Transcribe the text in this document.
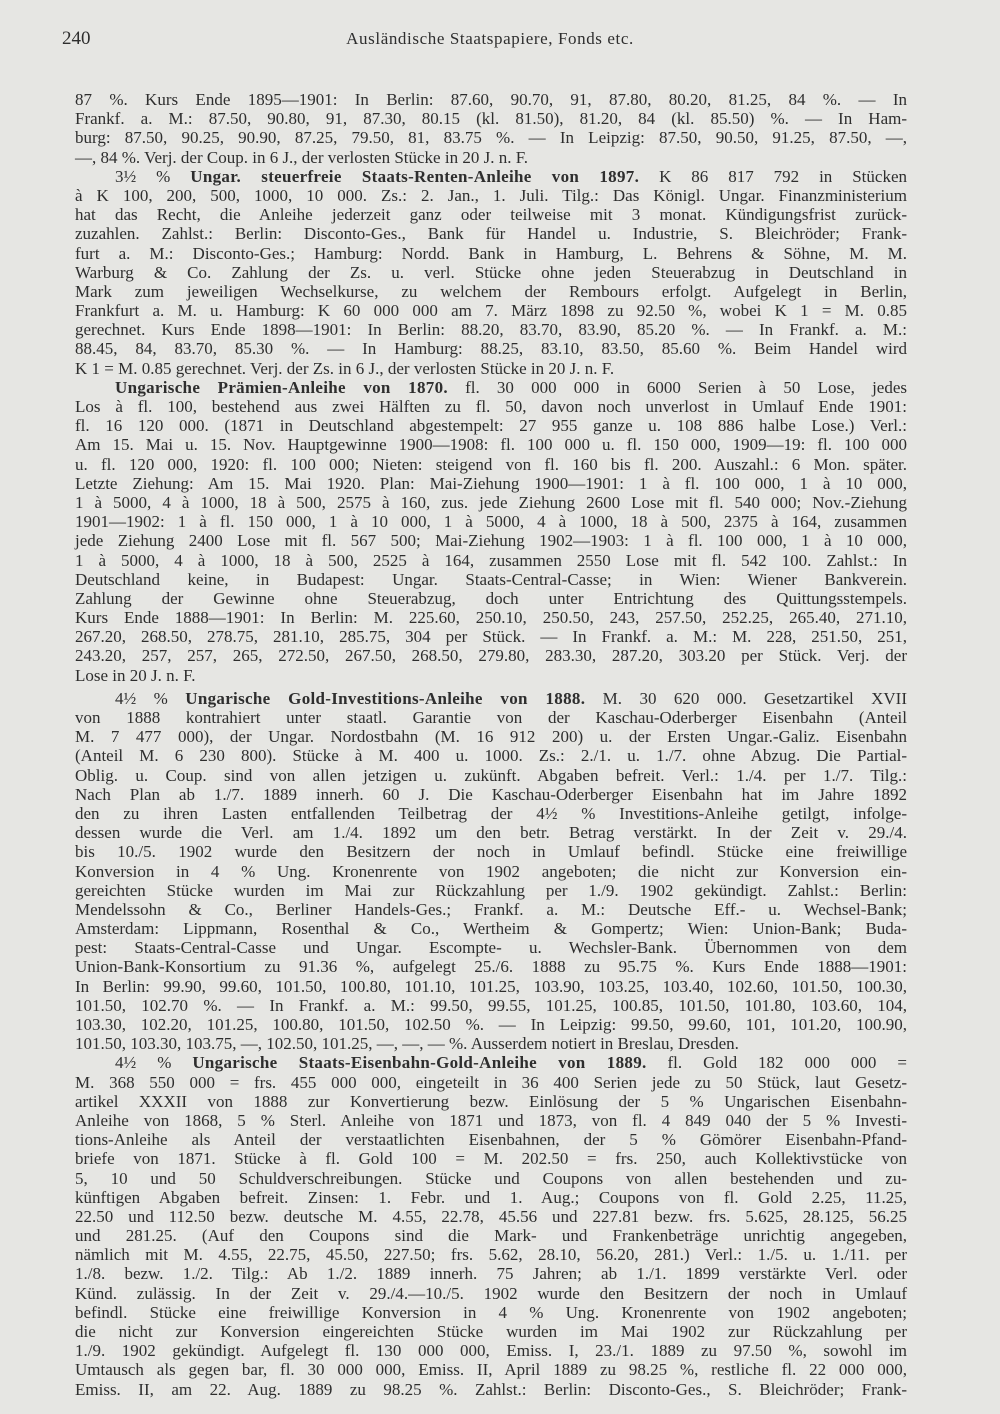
240	Ausländische Staatspapiere, Fonds etc.
87 %. Kurs Ende 1895—1901: In Berlin: 87.60, 90.70, 91, 87.80, 80.20, 81.25, 84 %. — In
Frankf. a. M.: 87.50, 90.80, 91, 87.30, 80.15 (kl. 81.50), 81.20, 84 (kl. 85.50) %. — In Ham-
burg: 87.50, 90.25, 90.90, 87.25, 79.50, 81, 83.75 %. — In Leipzig: 87.50, 90.50, 91.25, 87.50, —,
—, 84 %. Verj. der Coup. in 6 J., der verlosten Stücke in 20 J. n. F.
3½ % Ungar. steuerfreie Staats-Renten-Anleihe von 1897. K 86 817 792 in Stücken
à K 100, 200, 500, 1000, 10 000. Zs.: 2. Jan., 1. Juli. Tilg.: Das Königl. Ungar. Finanzministerium
hat das Recht, die Anleihe jederzeit ganz oder teilweise mit 3 monat. Kündigungsfrist zurück-
zuzahlen. Zahlst.: Berlin: Disconto-Ges., Bank für Handel u. Industrie, S. Bleichröder; Frank-
furt a. M.: Disconto-Ges.; Hamburg: Nordd. Bank in Hamburg, L. Behrens & Söhne, M. M.
Warburg & Co. Zahlung der Zs. u. verl. Stücke ohne jeden Steuerabzug in Deutschland in
Mark zum jeweiligen Wechselkurse, zu welchem der Rembours erfolgt. Aufgelegt in Berlin,
Frankfurt a. M. u. Hamburg: K 60 000 000 am 7. März 1898 zu 92.50 %, wobei K 1 = M. 0.85
gerechnet. Kurs Ende 1898—1901: In Berlin: 88.20, 83.70, 83.90, 85.20 %. — In Frankf. a. M.:
88.45, 84, 83.70, 85.30 %. — In Hamburg: 88.25, 83.10, 83.50, 85.60 %. Beim Handel wird
K 1 = M. 0.85 gerechnet. Verj. der Zs. in 6 J., der verlosten Stücke in 20 J. n. F.
Ungarische Prämien-Anleihe von 1870. fl. 30 000 000 in 6000 Serien à 50 Lose, jedes
Los à fl. 100, bestehend aus zwei Hälften zu fl. 50, davon noch unverlost in Umlauf Ende 1901:
fl. 16 120 000. (1871 in Deutschland abgestempelt: 27 955 ganze u. 108 886 halbe Lose.) Verl.:
Am 15. Mai u. 15. Nov. Hauptgewinne 1900—1908: fl. 100 000 u. fl. 150 000, 1909—19: fl. 100 000
u. fl. 120 000, 1920: fl. 100 000; Nieten: steigend von fl. 160 bis fl. 200. Auszahl.: 6 Mon. später.
Letzte Ziehung: Am 15. Mai 1920. Plan: Mai-Ziehung 1900—1901: 1 à fl. 100 000, 1 à 10 000,
1 à 5000, 4 à 1000, 18 à 500, 2575 à 160, zus. jede Ziehung 2600 Lose mit fl. 540 000; Nov.-Ziehung
1901—1902: 1 à fl. 150 000, 1 à 10 000, 1 à 5000, 4 à 1000, 18 à 500, 2375 à 164, zusammen
jede Ziehung 2400 Lose mit fl. 567 500; Mai-Ziehung 1902—1903: 1 à fl. 100 000, 1 à 10 000,
1 à 5000, 4 à 1000, 18 à 500, 2525 à 164, zusammen 2550 Lose mit fl. 542 100. Zahlst.: In
Deutschland keine, in Budapest: Ungar. Staats-Central-Casse; in Wien: Wiener Bankverein.
Zahlung der Gewinne ohne Steuerabzug, doch unter Entrichtung des Quittungsstempels.
Kurs Ende 1888—1901: In Berlin: M. 225.60, 250.10, 250.50, 243, 257.50, 252.25, 265.40, 271.10,
267.20, 268.50, 278.75, 281.10, 285.75, 304 per Stück. — In Frankf. a. M.: M. 228, 251.50, 251,
243.20, 257, 257, 265, 272.50, 267.50, 268.50, 279.80, 283.30, 287.20, 303.20 per Stück. Verj. der
Lose in 20 J. n. F.
4½ % Ungarische Gold-Investitions-Anleihe von 1888. M. 30 620 000. Gesetzartikel XVII
von 1888 kontrahiert unter staatl. Garantie von der Kaschau-Oderberger Eisenbahn (Anteil
M. 7 477 000), der Ungar. Nordostbahn (M. 16 912 200) u. der Ersten Ungar.-Galiz. Eisenbahn
(Anteil M. 6 230 800). Stücke à M. 400 u. 1000. Zs.: 2./1. u. 1./7. ohne Abzug. Die Partial-
Oblig. u. Coup. sind von allen jetzigen u. zukünft. Abgaben befreit. Verl.: 1./4. per 1./7. Tilg.:
Nach Plan ab 1./7. 1889 innerh. 60 J. Die Kaschau-Oderberger Eisenbahn hat im Jahre 1892
den zu ihren Lasten entfallenden Teilbetrag der 4½ % Investitions-Anleihe getilgt, infolge-
dessen wurde die Verl. am 1./4. 1892 um den betr. Betrag verstärkt. In der Zeit v. 29./4.
bis 10./5. 1902 wurde den Besitzern der noch in Umlauf befindl. Stücke eine freiwillige
Konversion in 4 % Ung. Kronenrente von 1902 angeboten; die nicht zur Konversion ein-
gereichten Stücke wurden im Mai zur Rückzahlung per 1./9. 1902 gekündigt. Zahlst.: Berlin:
Mendelssohn & Co., Berliner Handels-Ges.; Frankf. a. M.: Deutsche Eff.- u. Wechsel-Bank;
Amsterdam: Lippmann, Rosenthal & Co., Wertheim & Gompertz; Wien: Union-Bank; Buda-
pest: Staats-Central-Casse und Ungar. Escompte- u. Wechsler-Bank. Übernommen von dem
Union-Bank-Konsortium zu 91.36 %, aufgelegt 25./6. 1888 zu 95.75 %. Kurs Ende 1888—1901:
In Berlin: 99.90, 99.60, 101.50, 100.80, 101.10, 101.25, 103.90, 103.25, 103.40, 102.60, 101.50, 100.30,
101.50, 102.70 %. — In Frankf. a. M.: 99.50, 99.55, 101.25, 100.85, 101.50, 101.80, 103.60, 104,
103.30, 102.20, 101.25, 100.80, 101.50, 102.50 %. — In Leipzig: 99.50, 99.60, 101, 101.20, 100.90,
101.50, 103.30, 103.75, —, 102.50, 101.25, —, —, — %. Ausserdem notiert in Breslau, Dresden.
4½ % Ungarische Staats-Eisenbahn-Gold-Anleihe von 1889. fl. Gold 182 000 000 =
M. 368 550 000 = frs. 455 000 000, eingeteilt in 36 400 Serien jede zu 50 Stück, laut Gesetz-
artikel XXXII von 1888 zur Konvertierung bezw. Einlösung der 5 % Ungarischen Eisenbahn-
Anleihe von 1868, 5 % Sterl. Anleihe von 1871 und 1873, von fl. 4 849 040 der 5 % Investi-
tions-Anleihe als Anteil der verstaatlichten Eisenbahnen, der 5 % Gömörer Eisenbahn-Pfand-
briefe von 1871. Stücke à fl. Gold 100 = M. 202.50 = frs. 250, auch Kollektivstücke von
5, 10 und 50 Schuldverschreibungen. Stücke und Coupons von allen bestehenden und zu-
künftigen Abgaben befreit. Zinsen: 1. Febr. und 1. Aug.; Coupons von fl. Gold 2.25, 11.25,
22.50 und 112.50 bezw. deutsche M. 4.55, 22.78, 45.56 und 227.81 bezw. frs. 5.625, 28.125, 56.25
und 281.25. (Auf den Coupons sind die Mark- und Frankenbeträge unrichtig angegeben,
nämlich mit M. 4.55, 22.75, 45.50, 227.50; frs. 5.62, 28.10, 56.20, 281.) Verl.: 1./5. u. 1./11. per
1./8. bezw. 1./2. Tilg.: Ab 1./2. 1889 innerh. 75 Jahren; ab 1./1. 1899 verstärkte Verl. oder
Künd. zulässig. In der Zeit v. 29./4.—10./5. 1902 wurde den Besitzern der noch in Umlauf
befindl. Stücke eine freiwillige Konversion in 4 % Ung. Kronenrente von 1902 angeboten;
die nicht zur Konversion eingereichten Stücke wurden im Mai 1902 zur Rückzahlung per
1./9. 1902 gekündigt. Aufgelegt fl. 130 000 000, Emiss. I, 23./1. 1889 zu 97.50 %, sowohl im
Umtausch als gegen bar, fl. 30 000 000, Emiss. II, April 1889 zu 98.25 %, restliche fl. 22 000 000,
Emiss. II, am 22. Aug. 1889 zu 98.25 %. Zahlst.: Berlin: Disconto-Ges., S. Bleichröder; Frank-
